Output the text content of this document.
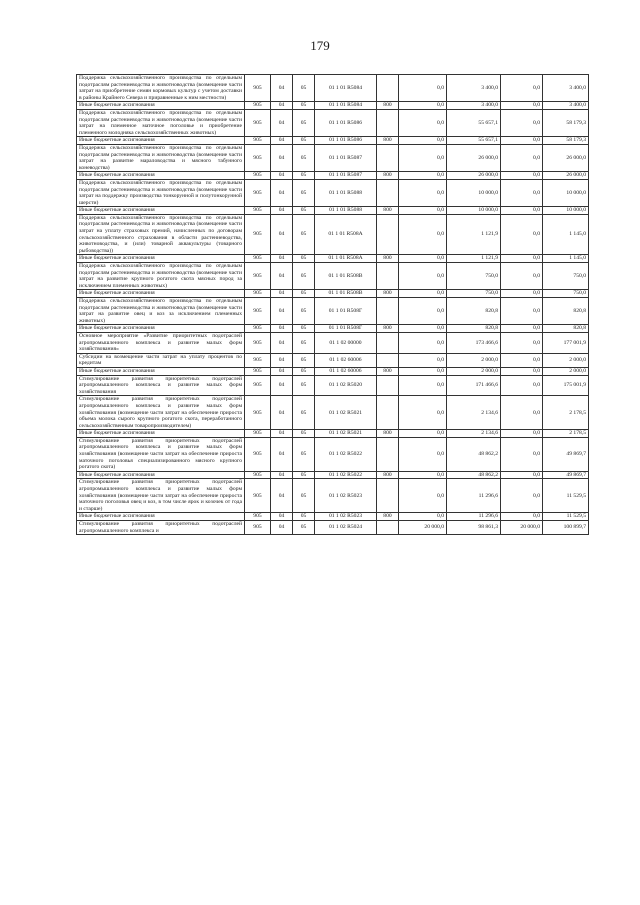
179
Поддержка сельскохозяйственного производства по отдельным подотраслям растениеводства и животноводства (возмещение части затрат на приобретение семян кормовых культур с учетом доставки в районы Крайнего Севера и приравненные к ним местности)	905	04	05	01 1 01 R5084		0,0	3 400,0	0,0	3 400,0
Иные бюджетные ассигнования	905	04	05	01 1 01 R5084	800	0,0	3 400,0	0,0	3 400,0
Поддержка сельскохозяйственного производства по отдельным подотраслям растениеводства и животноводства (возмещение части затрат на племенное маточное поголовье и приобретение племенного молодняка сельскохозяйственных животных)	905	04	05	01 1 01 R5086		0,0	55 657,1	0,0	58 179,3
Иные бюджетные ассигнования	905	04	05	01 1 01 R5086	800	0,0	55 657,1	0,0	58 179,3
Поддержка сельскохозяйственного производства по отдельным подотраслям растениеводства и животноводства (возмещение части затрат на развитие мараловодства и мясного табунного коневодства)	905	04	05	01 1 01 R5087		0,0	26 000,0	0,0	26 000,0
Иные бюджетные ассигнования	905	04	05	01 1 01 R5087	800	0,0	26 000,0	0,0	26 000,0
Поддержка сельскохозяйственного производства по отдельным подотраслям растениеводства и животноводства (возмещение части затрат на поддержку производства тонкорунной и полутонкорунной шерсти)	905	04	05	01 1 01 R5088		0,0	10 000,0	0,0	10 000,0
Иные бюджетные ассигнования	905	04	05	01 1 01 R5088	800	0,0	10 000,0	0,0	10 000,0
Поддержка сельскохозяйственного производства по отдельным подотраслям растениеводства и животноводства (возмещение части затрат на уплату страховых премий, начисленных по договорам сельскохозяйственного страхования в области растениеводства, животноводства, и (или) товарной аквакультуры (товарного рыбоводства))	905	04	05	01 1 01 R508A		0,0	1 121,9	0,0	1 145,0
Иные бюджетные ассигнования	905	04	05	01 1 01 R508A	800	0,0	1 121,9	0,0	1 145,0
Поддержка сельскохозяйственного производства по отдельным подотраслям растениеводства и животноводства (возмещение части затрат на развитие крупного рогатого скота мясных пород за исключением племенных животных)	905	04	05	01 1 01 R508B		0,0	750,0	0,0	750,0
Иные бюджетные ассигнования	905	04	05	01 1 01 R508B	800	0,0	750,0	0,0	750,0
Поддержка сельскохозяйственного производства по отдельным подотраслям растениеводства и животноводства (возмещение части затрат на развитие овец и коз за исключением племенных животных)	905	04	05	01 1 01 R508Г		0,0	820,8	0,0	820,8
Иные бюджетные ассигнования	905	04	05	01 1 01 R508Г	800	0,0	820,8	0,0	820,8
Основное мероприятие «Развитие приоритетных подотраслей агропромышленного комплекса и развитие малых форм хозяйствования»	905	04	05	01 1 02 00000		0,0	173 466,6	0,0	177 001,9
Субсидии на возмещение части затрат на уплату процентов по кредитам	905	04	05	01 1 02 60006		0,0	2 000,0	0,0	2 000,0
Иные бюджетные ассигнования	905	04	05	01 1 02 60006	800	0,0	2 000,0	0,0	2 000,0
Стимулирование развития приоритетных подотраслей агропромышленного комплекса и развитие малых форм хозяйствования	905	04	05	01 1 02 R5020		0,0	171 466,6	0,0	175 001,9
Стимулирование развития приоритетных подотраслей агропромышленного комплекса и развитие малых форм хозяйствования (возмещение части затрат на обеспечение прироста объема молока сырого крупного рогатого скота, переработанного сельскохозяйственным товаропроизводителем)	905	04	05	01 1 02 R5021		0,0	2 134,6	0,0	2 178,5
Иные бюджетные ассигнования	905	04	05	01 1 02 R5021	800	0,0	2 134,6	0,0	2 178,5
Стимулирование развития приоритетных подотраслей агропромышленного комплекса и развитие малых форм хозяйствования (возмещение части затрат на обеспечение прироста маточного поголовья специализированного мясного крупного рогатого скота)	905	04	05	01 1 02 R5022		0,0	48 862,2	0,0	49 869,7
Иные бюджетные ассигнования	905	04	05	01 1 02 R5022	800	0,0	48 862,2	0,0	49 869,7
Стимулирование развития приоритетных подотраслей агропромышленного комплекса и развитие малых форм хозяйствования (возмещение части затрат на обеспечение прироста маточного поголовья овец и коз, в том числе ярок и козочек от года и старше)	905	04	05	01 1 02 R5023		0,0	11 296,6	0,0	11 529,5
Иные бюджетные ассигнования	905	04	05	01 1 02 R5023	800	0,0	11 296,6	0,0	11 529,5
Стимулирование развития приоритетных подотраслей агропромышленного комплекса и	905	04	05	01 1 02 R5024		20 000,0	98 861,3	20 000,0	100 899,7
